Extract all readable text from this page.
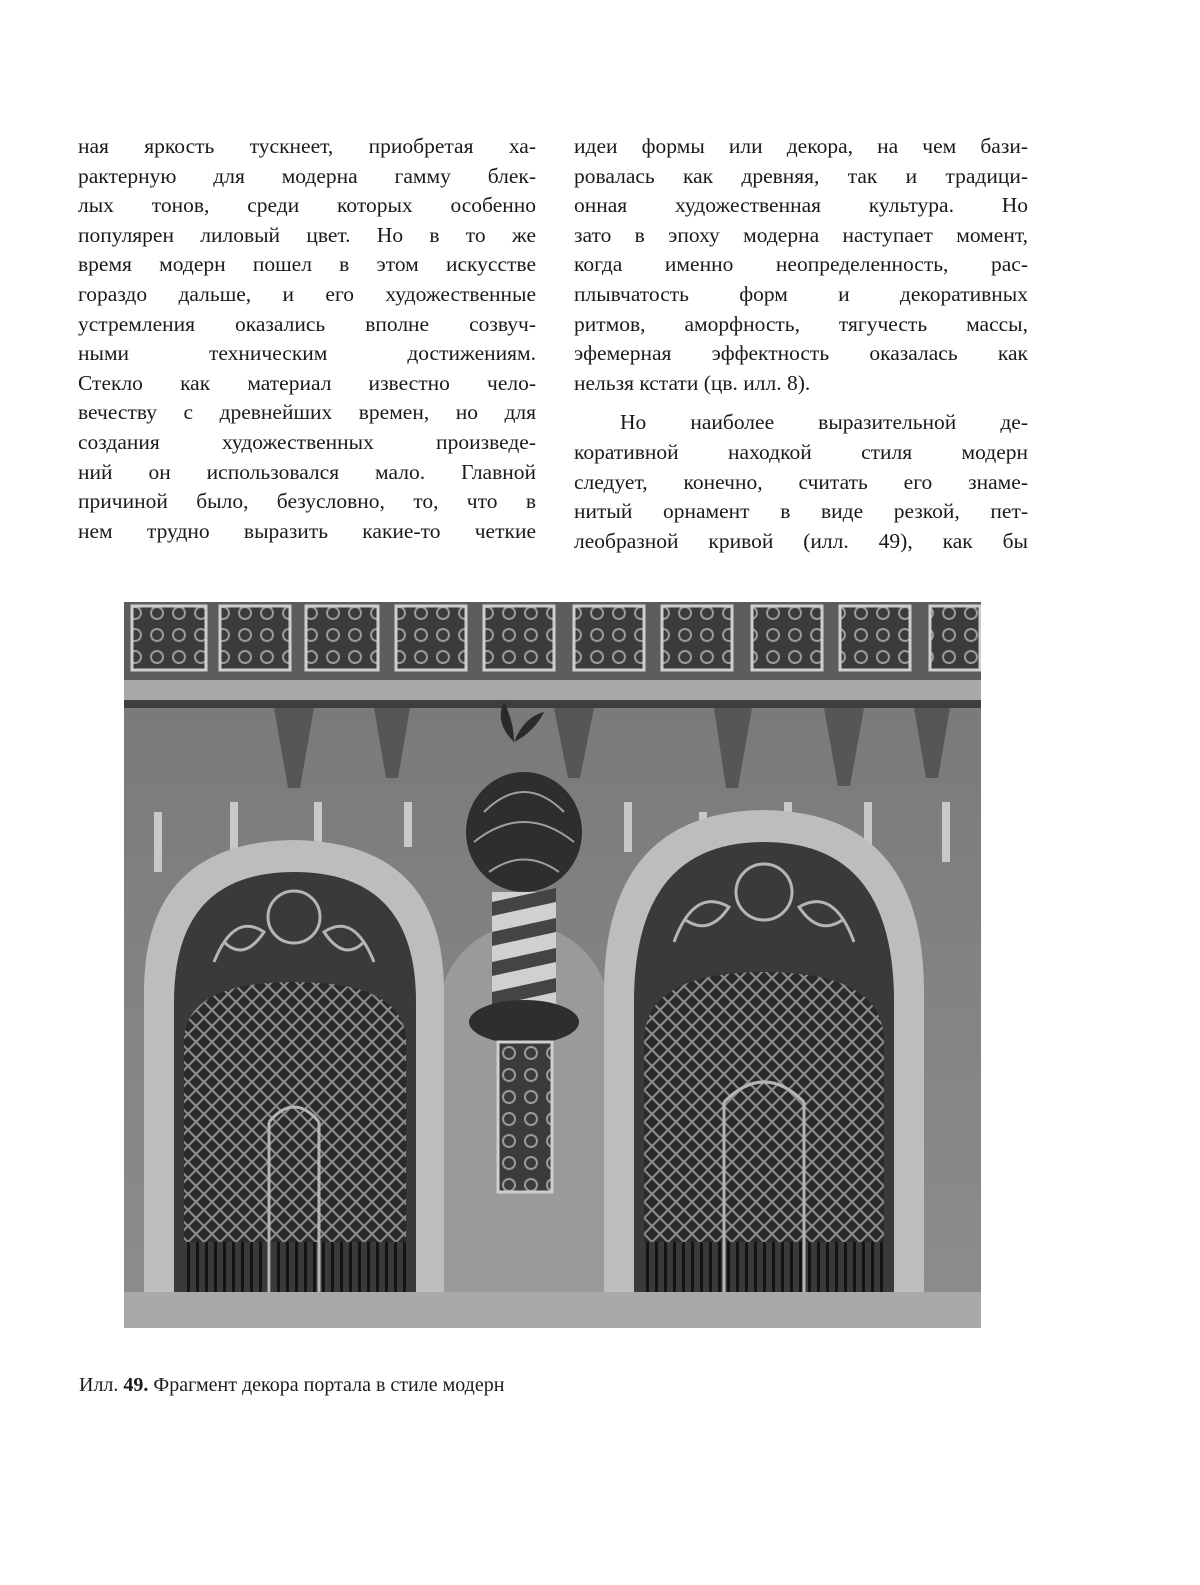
ная яркость тускнеет, приобретая ха-
рактерную для модерна гамму блек-
лых тонов, среди которых особенно
популярен лиловый цвет. Но в то же
время модерн пошел в этом искусстве
гораздо дальше, и его художественные
устремления оказались вполне созвуч-
ными техническим достижениям.
Стекло как материал известно чело-
вечеству с древнейших времен, но для
создания художественных произведе-
ний он использовался мало. Главной
причиной было, безусловно, то, что в
нем трудно выразить какие-то четкие
идеи формы или декора, на чем бази-
ровалась как древняя, так и традици-
онная художественная культура. Но
зато в эпоху модерна наступает момент,
когда именно неопределенность, рас-
плывчатость форм и декоративных
ритмов, аморфность, тягучесть массы,
эфемерная эффектность оказалась как
нельзя кстати (цв. илл. 8).
Но наиболее выразительной де-
коративной находкой стиля модерн
следует, конечно, считать его знаме-
нитый орнамент в виде резкой, пет-
леобразной кривой (илл. 49), как бы
Илл. 49. Фрагмент декора портала в стиле модерн
